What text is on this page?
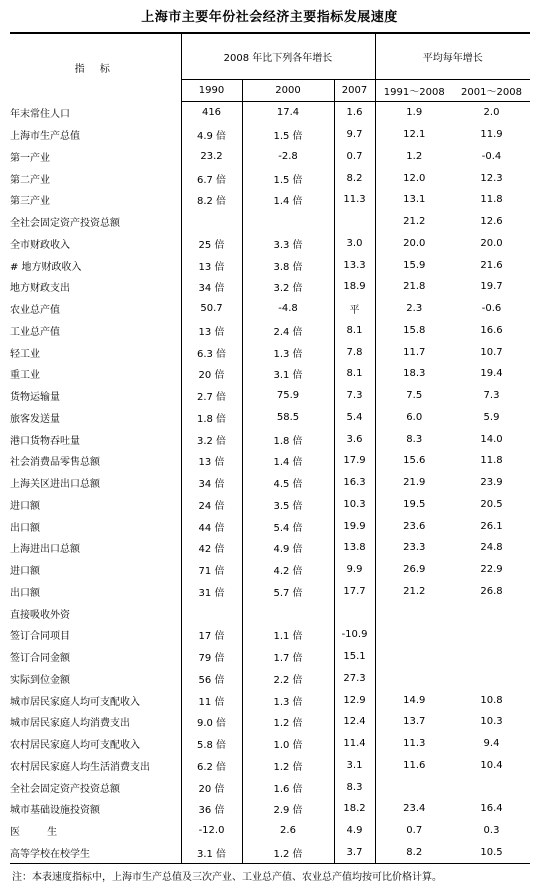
上海市主要年份社会经济主要指标发展速度
指 标	2008 年比下列各年增长			平均每年增长	
	1990	2000	2007	1991～2008	2001～2008
年末常住人口	416	17.4	1.6	1.9	2.0
上海市生产总值	4.9 倍	1.5 倍	9.7	12.1	11.9
第一产业	23.2	-2.8	0.7	1.2	-0.4
第二产业	6.7 倍	1.5 倍	8.2	12.0	12.3
第三产业	8.2 倍	1.4 倍	11.3	13.1	11.8
全社会固定资产投资总额				21.2	12.6
全市财政收入	25 倍	3.3 倍	3.0	20.0	20.0
# 地方财政收入	13 倍	3.8 倍	13.3	15.9	21.6
地方财政支出	34 倍	3.2 倍	18.9	21.8	19.7
农业总产值	50.7	-4.8	平	2.3	-0.6
工业总产值	13 倍	2.4 倍	8.1	15.8	16.6
轻工业	6.3 倍	1.3 倍	7.8	11.7	10.7
重工业	20 倍	3.1 倍	8.1	18.3	19.4
货物运输量	2.7 倍	75.9	7.3	7.5	7.3
旅客发送量	1.8 倍	58.5	5.4	6.0	5.9
港口货物吞吐量	3.2 倍	1.8 倍	3.6	8.3	14.0
社会消费品零售总额	13 倍	1.4 倍	17.9	15.6	11.8
上海关区进出口总额	34 倍	4.5 倍	16.3	21.9	23.9
进口额	24 倍	3.5 倍	10.3	19.5	20.5
出口额	44 倍	5.4 倍	19.9	23.6	26.1
上海进出口总额	42 倍	4.9 倍	13.8	23.3	24.8
进口额	71 倍	4.2 倍	9.9	26.9	22.9
出口额	31 倍	5.7 倍	17.7	21.2	26.8
直接吸收外资					
签订合同项目	17 倍	1.1 倍	-10.9		
签订合同金额	79 倍	1.7 倍	15.1		
实际到位金额	56 倍	2.2 倍	27.3		
城市居民家庭人均可支配收入	11 倍	1.3 倍	12.9	14.9	10.8
城市居民家庭人均消费支出	9.0 倍	1.2 倍	12.4	13.7	10.3
农村居民家庭人均可支配收入	5.8 倍	1.0 倍	11.4	11.3	9.4
农村居民家庭人均生活消费支出	6.2 倍	1.2 倍	3.1	11.6	10.4
全社会固定资产投资总额	20 倍	1.6 倍	8.3		
城市基础设施投资额	36 倍	2.9 倍	18.2	23.4	16.4
医 生	-12.0	2.6	4.9	0.7	0.3
高等学校在校学生	3.1 倍	1.2 倍	3.7	8.2	10.5
注：本表速度指标中，上海市生产总值及三次产业、工业总产值、农业总产值均按可比价格计算。
